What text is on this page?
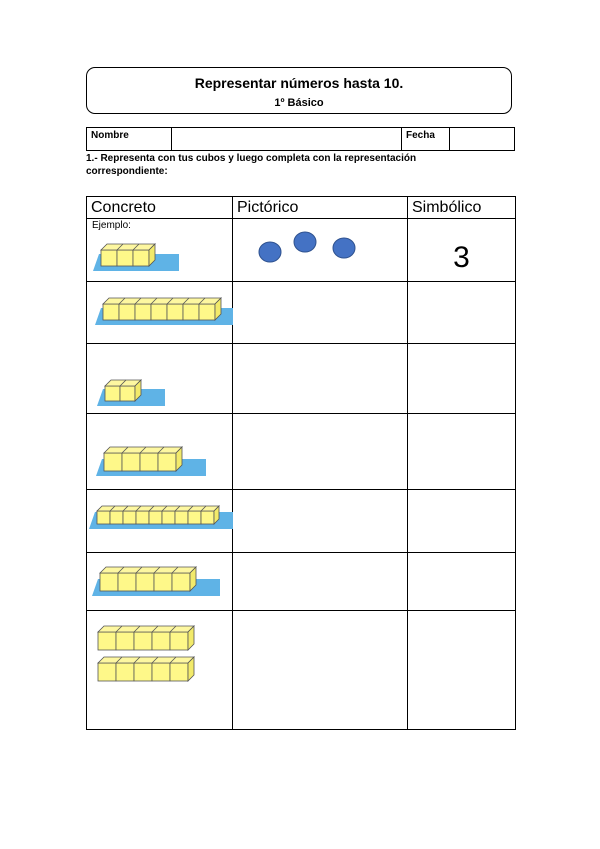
Representar números hasta 10.
1º Básico
Nombre		Fecha	
1.- Representa con tus cubos y luego completa con la representación correspondiente:
Concreto	Pictórico	Simbólico

Ejemplo:		3
